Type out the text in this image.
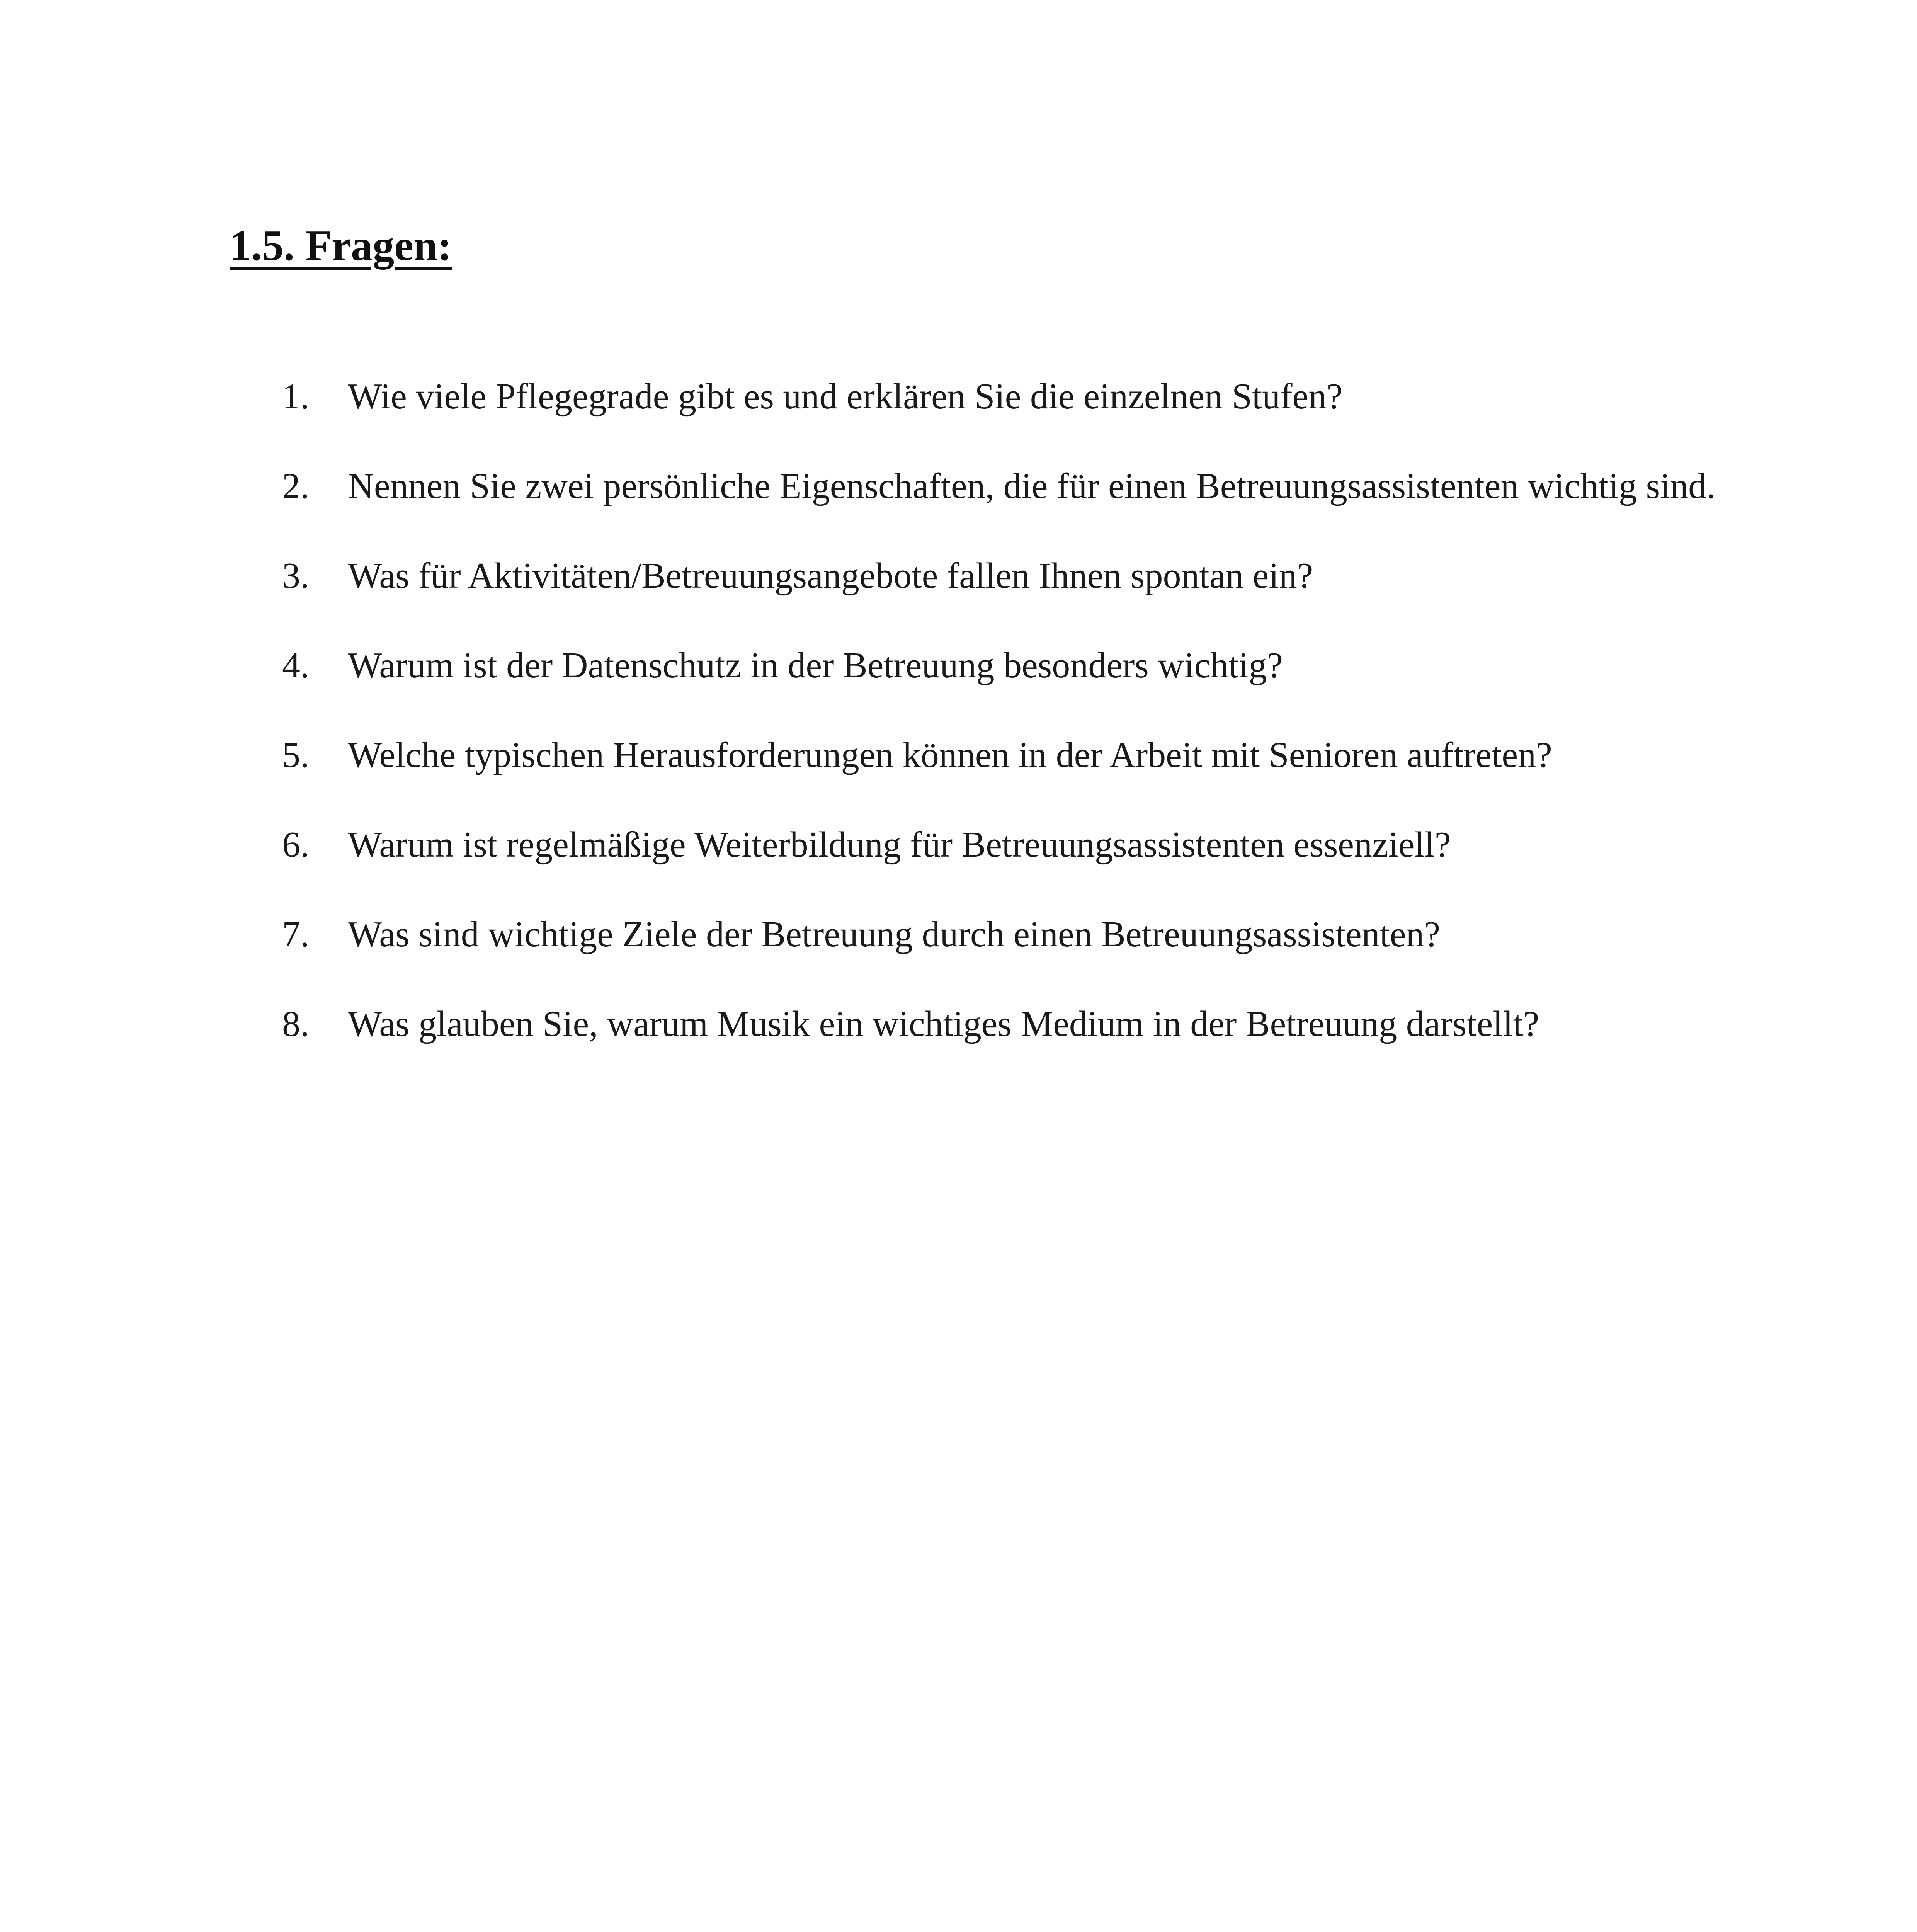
1.5. Fragen:
1.	Wie viele Pflegegrade gibt es und erklären Sie die einzelnen Stufen?
2.	Nennen Sie zwei persönliche Eigenschaften, die für einen Betreuungsassistenten wichtig sind.
3.	Was für Aktivitäten/Betreuungsangebote fallen Ihnen spontan ein?
4.	Warum ist der Datenschutz in der Betreuung besonders wichtig?
5.	Welche typischen Herausforderungen können in der Arbeit mit Senioren auftreten?
6.	Warum ist regelmäßige Weiterbildung für Betreuungsassistenten essenziell?
7.	Was sind wichtige Ziele der Betreuung durch einen Betreuungsassistenten?
8.	Was glauben Sie, warum Musik ein wichtiges Medium in der Betreuung darstellt?
